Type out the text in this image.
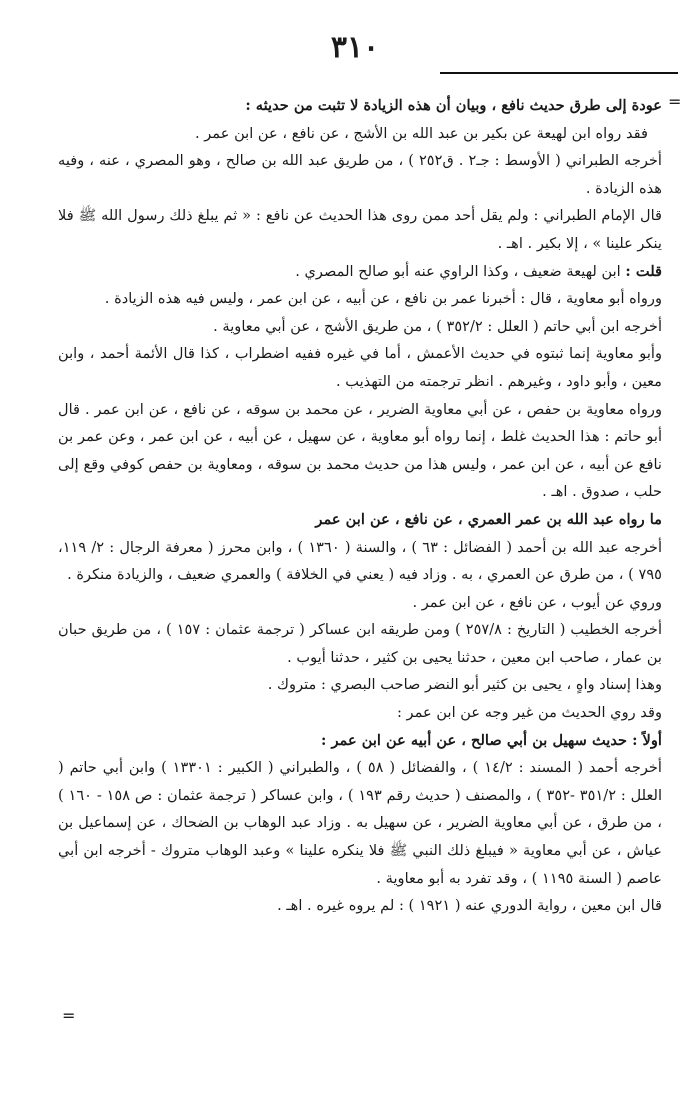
٣١٠
=
=

عودة إلى طرق حديث نافع ، وبيان أن هذه الزيادة لا تثبت من حديثه :

فقد رواه ابن لهيعة عن بكير بن عبد الله بن الأشج ، عن نافع ، عن ابن عمر .

أخرجه الطبراني ( الأوسط : جـ٢ . ق٢٥٢ ) ، من طريق عبد الله بن صالح ، وهو المصري ، عنه ، وفيه هذه الزيادة .

قال الإمام الطبراني : ولم يقل أحد ممن روى هذا الحديث عن نافع : « ثم يبلغ ذلك رسول الله ﷺ فلا ينكر علينا » ، إلا بكير . اهـ .

قلت : ابن لهيعة ضعيف ، وكذا الراوي عنه أبو صالح المصري .

ورواه أبو معاوية ، قال : أخبرنا عمر بن نافع ، عن أبيه ، عن ابن عمر ، وليس فيه هذه الزيادة .

أخرجه ابن أبي حاتم ( العلل : ٣٥٢/٢ ) ، من طريق الأشج ، عن أبي معاوية .

وأبو معاوية إنما ثبتوه في حديث الأعمش ، أما في غيره ففيه اضطراب ، كذا قال الأئمة أحمد ، وابن معين ، وأبو داود ، وغيرهم . انظر ترجمته من التهذيب .

ورواه معاوية بن حفص ، عن أبي معاوية الضرير ، عن محمد بن سوقه ، عن نافع ، عن ابن عمر . قال أبو حاتم : هذا الحديث غلط ، إنما رواه أبو معاوية ، عن سهيل ، عن أبيه ، عن ابن عمر ، وعن عمر بن نافع عن أبيه ، عن ابن عمر ، وليس هذا من حديث محمد بن سوقه ، ومعاوية بن حفص كوفي وقع إلى حلب ، صدوق . اهـ .

ما رواه عبد الله بن عمر العمري ، عن نافع ، عن ابن عمر

أخرجه عبد الله بن أحمد ( الفضائل : ٦٣ ) ، والسنة ( ١٣٦٠ ) ، وابن محرز ( معرفة الرجال : ٢/ ١١٩، ٧٩٥ ) ، من طرق عن العمري ، به . وزاد فيه ( يعني في الخلافة ) والعمري ضعيف ، والزيادة منكرة .

وروي عن أيوب ، عن نافع ، عن ابن عمر .

أخرجه الخطيب ( التاريخ : ٢٥٧/٨ ) ومن طريقه ابن عساكر ( ترجمة عثمان : ١٥٧ ) ، من طريق حبان بن عمار ، صاحب ابن معين ، حدثنا يحيى بن كثير ، حدثنا أيوب .

وهذا إسناد واهٍ ، يحيى بن كثير أبو النضر صاحب البصري : متروك .

وقد روي الحديث من غير وجه عن ابن عمر :

أولاً : حديث سهيل بن أبي صالح ، عن أبيه عن ابن عمر :

أخرجه أحمد ( المسند : ١٤/٢ ) ، والفضائل ( ٥٨ ) ، والطبراني ( الكبير : ١٣٣٠١ ) وابن أبي حاتم ( العلل : ٣٥١/٢ -٣٥٢ ) ، والمصنف ( حديث رقم ١٩٣ ) ، وابن عساكر ( ترجمة عثمان : ص ١٥٨ - ١٦٠ ) ، من طرق ، عن أبي معاوية الضرير ، عن سهيل به . وزاد عبد الوهاب بن الضحاك ، عن إسماعيل بن عياش ، عن أبي معاوية « فيبلغ ذلك النبي ﷺ فلا ينكره علينا » وعبد الوهاب متروك - أخرجه ابن أبي عاصم ( السنة ١١٩٥ ) ، وقد تفرد به أبو معاوية .

قال ابن معين ، رواية الدوري عنه ( ١٩٢١ ) : لم يروه غيره . اهـ .
